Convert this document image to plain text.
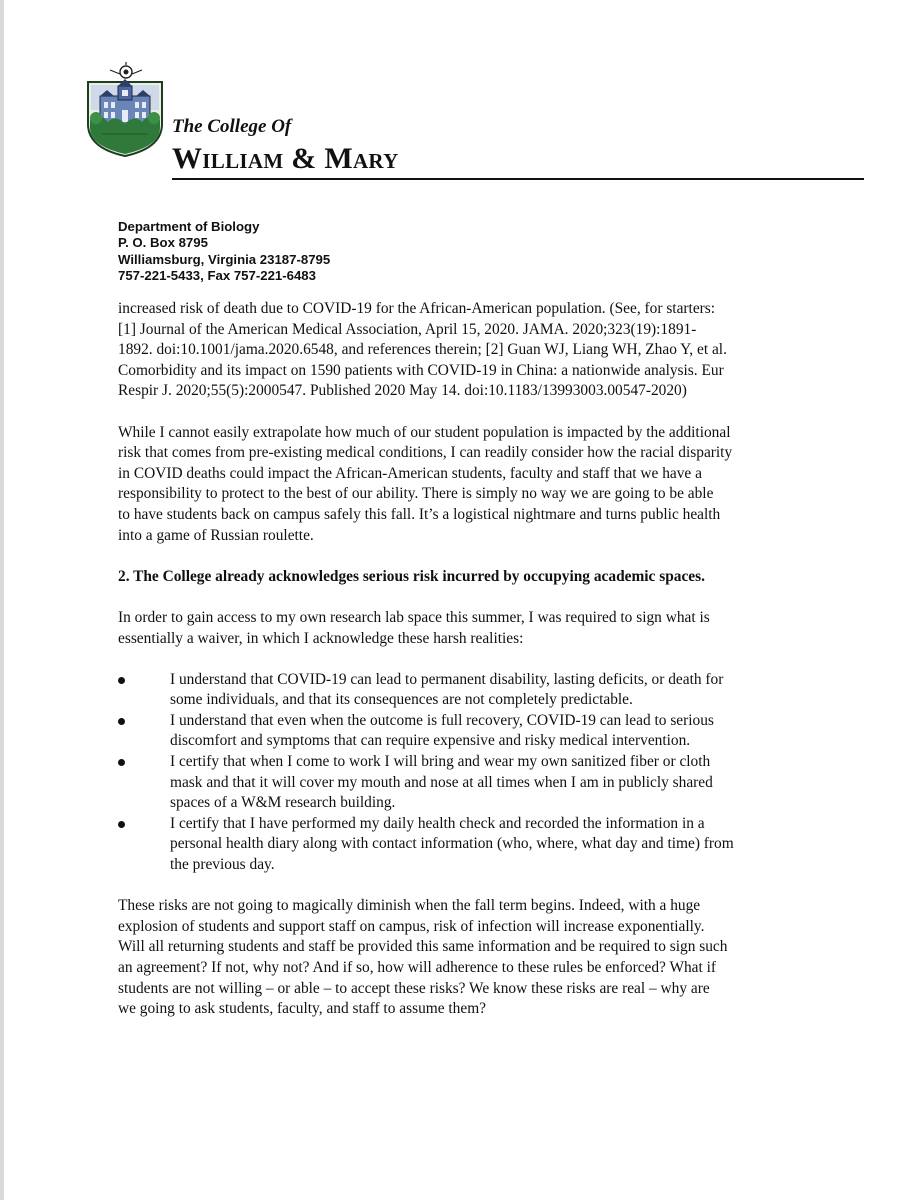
The College Of
William & Mary
Department of Biology
P. O. Box 8795
Williamsburg, Virginia 23187-8795
757-221-5433, Fax 757-221-6483
increased risk of death due to COVID-19 for the African-American population. (See, for starters:
[1] Journal of the American Medical Association, April 15, 2020. JAMA. 2020;323(19):1891-
1892. doi:10.1001/jama.2020.6548, and references therein; [2] Guan WJ, Liang WH, Zhao Y, et al.
Comorbidity and its impact on 1590 patients with COVID-19 in China: a nationwide analysis. Eur
Respir J. 2020;55(5):2000547. Published 2020 May 14. doi:10.1183/13993003.00547-2020)
While I cannot easily extrapolate how much of our student population is impacted by the additional
risk that comes from pre-existing medical conditions, I can readily consider how the racial disparity
in COVID deaths could impact the African-American students, faculty and staff that we have a
responsibility to protect to the best of our ability. There is simply no way we are going to be able
to have students back on campus safely this fall. It’s a logistical nightmare and turns public health
into a game of Russian roulette.
2. The College already acknowledges serious risk incurred by occupying academic spaces.
In order to gain access to my own research lab space this summer, I was required to sign what is
essentially a waiver, in which I acknowledge these harsh realities:
I understand that COVID-19 can lead to permanent disability, lasting deficits, or death for
some individuals, and that its consequences are not completely predictable.
I understand that even when the outcome is full recovery, COVID-19 can lead to serious
discomfort and symptoms that can require expensive and risky medical intervention.
I certify that when I come to work I will bring and wear my own sanitized fiber or cloth
mask and that it will cover my mouth and nose at all times when I am in publicly shared
spaces of a W&M research building.
I certify that I have performed my daily health check and recorded the information in a
personal health diary along with contact information (who, where, what day and time) from
the previous day.
These risks are not going to magically diminish when the fall term begins. Indeed, with a huge
explosion of students and support staff on campus, risk of infection will increase exponentially.
Will all returning students and staff be provided this same information and be required to sign such
an agreement? If not, why not? And if so, how will adherence to these rules be enforced? What if
students are not willing – or able – to accept these risks? We know these risks are real – why are
we going to ask students, faculty, and staff to assume them?
